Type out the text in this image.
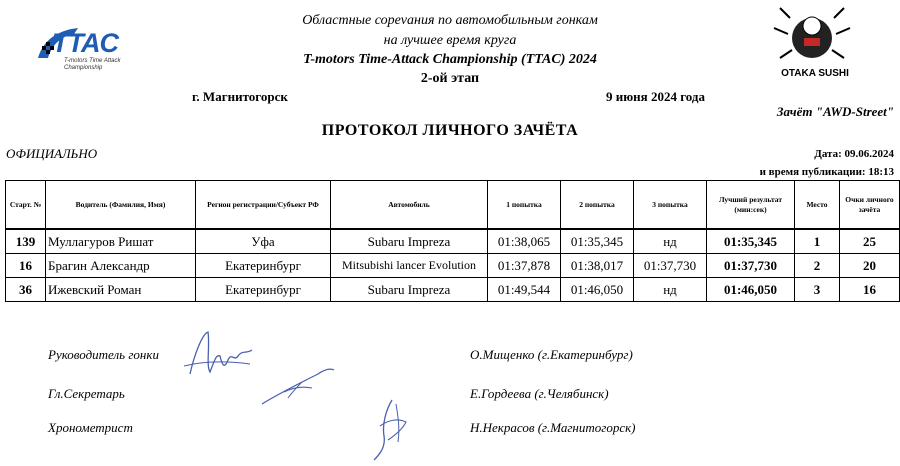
TTAC
T-motors Time Attack Championship	OTAKA SUSHI
Областные сорevaния по автомобильным гонкам
на лучшее время круга
T-motors Time-Attack Championship (TTAC) 2024
2-ой этап
г. Магнитогорск	9 июня 2024 года
Зачёт "AWD-Street"
ПРОТОКОЛ ЛИЧНОГО ЗАЧЁТА
ОФИЦИАЛЬНО	Дата: 09.06.2024
и время публикации: 18:13
Старт. №	Водитель (Фамилия, Имя)	Регион регистрации/Субъект РФ	Автомобиль	1 попытка	2 попытка	3 попытка	Лучший результат (мин:сек)	Место	Очки личного зачёта
139	Муллагуров Ришат	Уфа	Subaru Impreza	01:38,065	01:35,345	нд	01:35,345	1	25
16	Брагин Александр	Екатеринбург	Mitsubishi lancer Evolution	01:37,878	01:38,017	01:37,730	01:37,730	2	20
36	Ижевский Роман	Екатеринбург	Subaru Impreza	01:49,544	01:46,050	нд	01:46,050	3	16
Руководитель гонки	О.Мищенко (г.Екатеринбург)
Гл.Секретарь	Е.Гордеева (г.Челябинск)
Хронометрист	Н.Некрасов (г.Магнитогорск)
